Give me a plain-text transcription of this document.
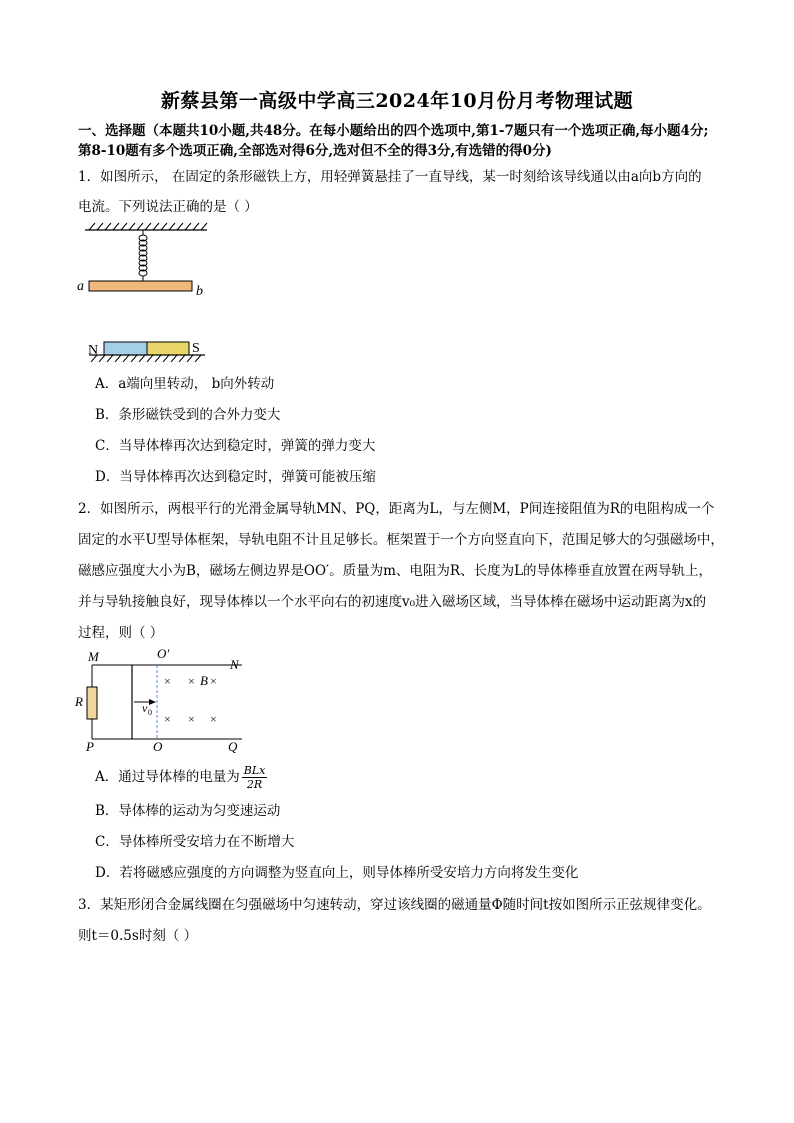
新蔡县第一高级中学高三2024年10月份月考物理试题
一、选择题（本题共10小题,共48分。在每小题给出的四个选项中,第1-7题只有一个选项正确,每小题4分;
第8-10题有多个选项正确,全部选对得6分,选对但不全的得3分,有选错的得0分)
1．如图所示， 在固定的条形磁铁上方，用轻弹簧悬挂了一直导线，某一时刻给该导线通以由a向b方向的
电流。下列说法正确的是（ ）
a	b
N	S
A．a端向里转动， b向外转动
B．条形磁铁受到的合外力变大
C．当导体棒再次达到稳定时，弹簧的弹力变大
D．当导体棒再次达到稳定时，弹簧可能被压缩
2．如图所示，两根平行的光滑金属导轨MN、PQ，距离为L，与左侧M，P间连接阻值为R的电阻构成一个
固定的水平U型导体框架，导轨电阻不计且足够长。框架置于一个方向竖直向下，范围足够大的匀强磁场中，
磁感应强度大小为B，磁场左侧边界是OO′。质量为m、电阻为R、长度为L的导体棒垂直放置在两导轨上，
并与导轨接触良好，现导体棒以一个水平向右的初速度v₀进入磁场区域，当导体棒在磁场中运动距离为x的
过程，则（ ）
M
N
P	Q
O
O′
R	v 0
B
× × ×
× × ×
A．通过导体棒的电量为 $\frac{\text{BLx}}{2R}$
B．导体棒的运动为匀变速运动
C．导体棒所受安培力在不断增大
D．若将磁感应强度的方向调整为竖直向上，则导体棒所受安培力方向将发生变化
3．某矩形闭合金属线圈在匀强磁场中匀速转动，穿过该线圈的磁通量Φ随时间t按如图所示正弦规律变化。
则t＝0.5s时刻（ ）
